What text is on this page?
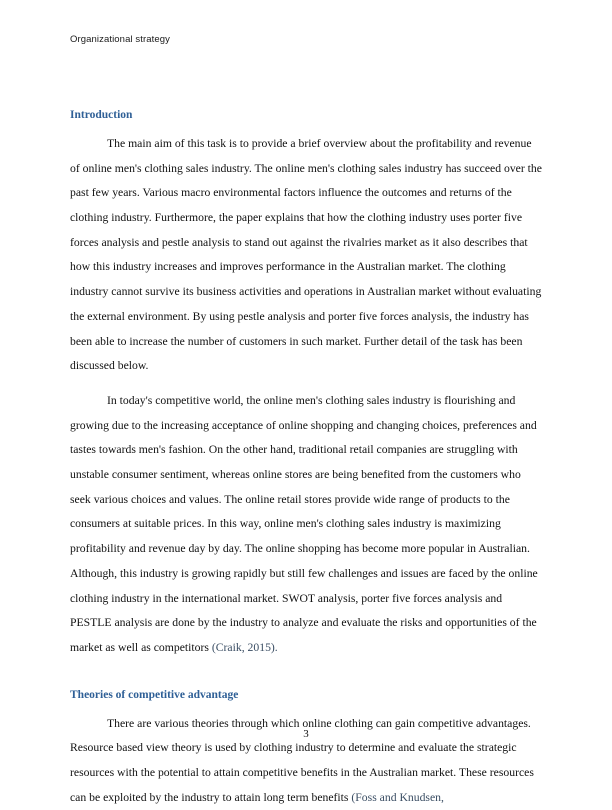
Organizational strategy
Introduction

The main aim of this task is to provide a brief overview about the profitability and revenue of online men's clothing sales industry. The online men's clothing sales industry has succeed over the past few years. Various macro environmental factors influence the outcomes and returns of the clothing industry. Furthermore, the paper explains that how the clothing industry uses porter five forces analysis and pestle analysis to stand out against the rivalries market as it also describes that how this industry increases and improves performance in the Australian market. The clothing industry cannot survive its business activities and operations in Australian market without evaluating the external environment. By using pestle analysis and porter five forces analysis, the industry has been able to increase the number of customers in such market. Further detail of the task has been discussed below.

In today's competitive world, the online men's clothing sales industry is flourishing and growing due to the increasing acceptance of online shopping and changing choices, preferences and tastes towards men's fashion. On the other hand, traditional retail companies are struggling with unstable consumer sentiment, whereas online stores are being benefited from the customers who seek various choices and values. The online retail stores provide wide range of products to the consumers at suitable prices. In this way, online men's clothing sales industry is maximizing profitability and revenue day by day. The online shopping has become more popular in Australian. Although, this industry is growing rapidly but still few challenges and issues are faced by the online clothing industry in the international market. SWOT analysis, porter five forces analysis and PESTLE analysis are done by the industry to analyze and evaluate the risks and opportunities of the market as well as competitors (Craik, 2015).

Theories of competitive advantage

There are various theories through which online clothing can gain competitive advantages. Resource based view theory is used by clothing industry to determine and evaluate the strategic resources with the potential to attain competitive benefits in the Australian market. These resources can be exploited by the industry to attain long term benefits (Foss and Knudsen,

3
